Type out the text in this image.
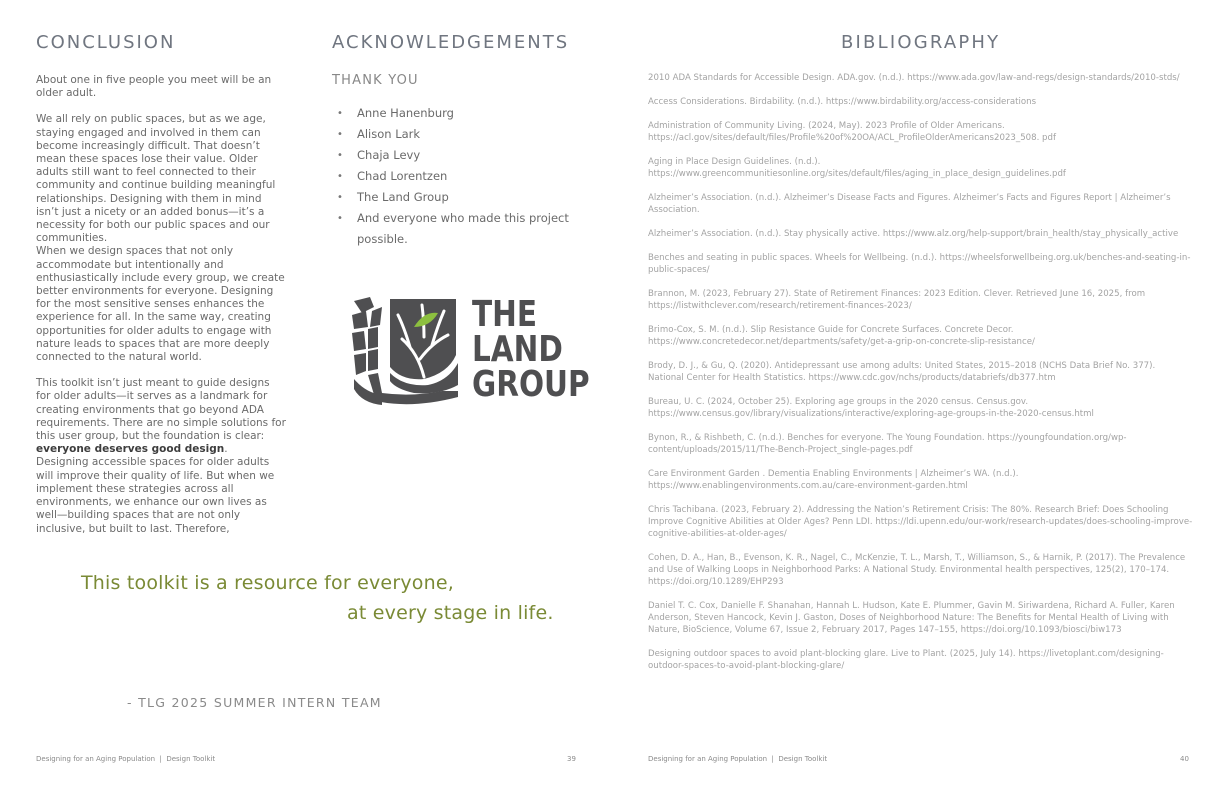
CONCLUSION

About one in five people you meet will be an older adult.

We all rely on public spaces, but as we age, staying engaged and involved in them can become increasingly difficult. That doesn’t mean these spaces lose their value. Older adults still want to feel connected to their community and continue building meaningful relationships. Designing with them in mind isn’t just a nicety or an added bonus—it’s a necessity for both our public spaces and our communities.

When we design spaces that not only accommodate but intentionally and enthusiastically include every group, we create better environments for everyone. Designing for the most sensitive senses enhances the experience for all. In the same way, creating opportunities for older adults to engage with nature leads to spaces that are more deeply connected to the natural world.

This toolkit isn’t just meant to guide designs for older adults—it serves as a landmark for creating environments that go beyond ADA requirements. There are no simple solutions for this user group, but the foundation is clear: everyone deserves good design.

Designing accessible spaces for older adults will improve their quality of life. But when we implement these strategies across all environments, we enhance our own lives as well—building spaces that are not only inclusive, but built to last. Therefore,

ACKNOWLEDGEMENTS
THANK YOU
• Anne Hanenburg
• Alison Lark
• Chaja Levy
• Chad Lorentzen
• The Land Group
• And everyone who made this project possible.
THE
LAND
GROUP
This toolkit is a resource for everyone,
at every stage in life.
- TLG 2025 SUMMER INTERN TEAM
Designing for an Aging Population  |  Design Toolkit	39
BIBLIOGRAPHY
2010 ADA Standards for Accessible Design. ADA.gov. (n.d.). https://www.ada.gov/law-and-regs/design-standards/2010-stds/
Access Considerations. Birdability. (n.d.). https://www.birdability.org/access-considerations
Administration of Community Living. (2024, May). 2023 Profile of Older Americans. https://acl.gov/sites/default/files/Profile%20of%20OA/ACL_ProfileOlderAmericans2023_508. pdf
Aging in Place Design Guidelines. (n.d.). https://www.greencommunitiesonline.org/sites/default/files/aging_in_place_design_guidelines.pdf
Alzheimer’s Association. (n.d.). Alzheimer’s Disease Facts and Figures. Alzheimer’s Facts and Figures Report | Alzheimer’s Association.
Alzheimer’s Association. (n.d.). Stay physically active. https://www.alz.org/help-support/brain_health/stay_physically_active
Benches and seating in public spaces. Wheels for Wellbeing. (n.d.). https://wheelsforwellbeing.org.uk/benches-and-seating-in-public-spaces/
Brannon, M. (2023, February 27). State of Retirement Finances: 2023 Edition. Clever. Retrieved June 16, 2025, from https://listwithclever.com/research/retirement-finances-2023/
Brimo-Cox, S. M. (n.d.). Slip Resistance Guide for Concrete Surfaces. Concrete Decor. https://www.concretedecor.net/departments/safety/get-a-grip-on-concrete-slip-resistance/
Brody, D. J., & Gu, Q. (2020). Antidepressant use among adults: United States, 2015–2018 (NCHS Data Brief No. 377). National Center for Health Statistics. https://www.cdc.gov/nchs/products/databriefs/db377.htm
Bureau, U. C. (2024, October 25). Exploring age groups in the 2020 census. Census.gov. https://www.census.gov/library/visualizations/interactive/exploring-age-groups-in-the-2020-census.html
Bynon, R., & Rishbeth, C. (n.d.). Benches for everyone. The Young Foundation. https://youngfoundation.org/wp-content/uploads/2015/11/The-Bench-Project_single-pages.pdf
Care Environment Garden . Dementia Enabling Environments | Alzheimer’s WA. (n.d.). https://www.enablingenvironments.com.au/care-environment-garden.html
Chris Tachibana. (2023, February 2). Addressing the Nation’s Retirement Crisis: The 80%. Research Brief: Does Schooling Improve Cognitive Abilities at Older Ages? Penn LDI. https://ldi.upenn.edu/our-work/research-updates/does-schooling-improve-cognitive-abilities-at-older-ages/
Cohen, D. A., Han, B., Evenson, K. R., Nagel, C., McKenzie, T. L., Marsh, T., Williamson, S., & Harnik, P. (2017). The Prevalence and Use of Walking Loops in Neighborhood Parks: A National Study. Environmental health perspectives, 125(2), 170–174. https://doi.org/10.1289/EHP293
Daniel T. C. Cox, Danielle F. Shanahan, Hannah L. Hudson, Kate E. Plummer, Gavin M. Siriwardena, Richard A. Fuller, Karen Anderson, Steven Hancock, Kevin J. Gaston, Doses of Neighborhood Nature: The Benefits for Mental Health of Living with Nature, BioScience, Volume 67, Issue 2, February 2017, Pages 147–155, https://doi.org/10.1093/biosci/biw173
Designing outdoor spaces to avoid plant-blocking glare. Live to Plant. (2025, July 14). https://livetoplant.com/designing-outdoor-spaces-to-avoid-plant-blocking-glare/
Designing for an Aging Population  |  Design Toolkit	40
